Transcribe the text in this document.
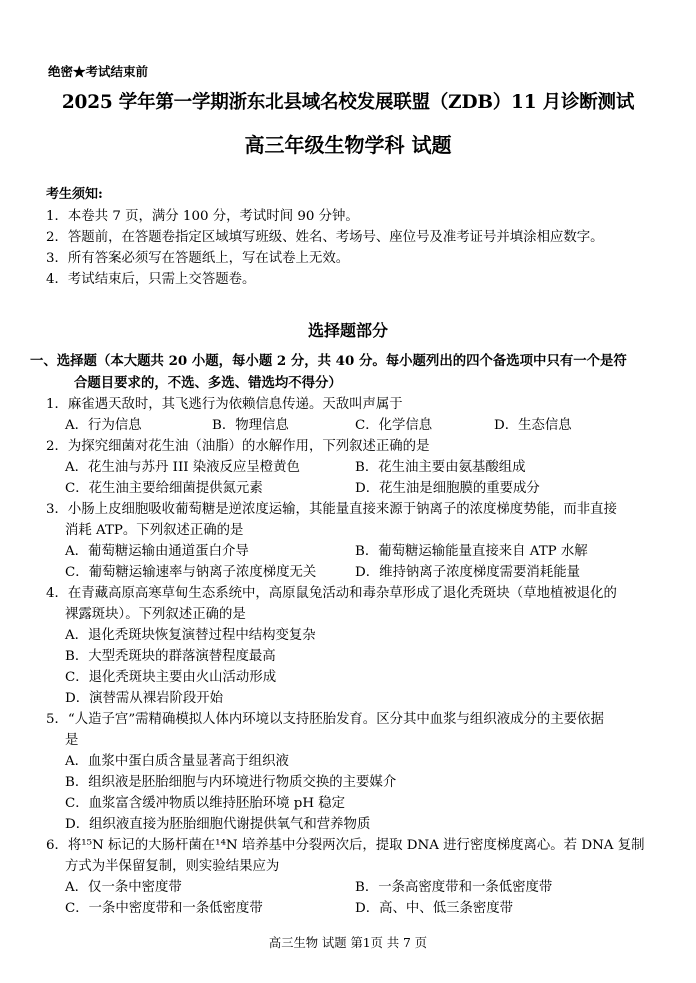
绝密★考试结束前
2025 学年第一学期浙东北县域名校发展联盟（ZDB）11 月诊断测试
高三年级生物学科 试题
考生须知:
1．本卷共 7 页，满分 100 分，考试时间 90 分钟。
2．答题前，在答题卷指定区域填写班级、姓名、考场号、座位号及准考证号并填涂相应数字。
3．所有答案必须写在答题纸上，写在试卷上无效。
4．考试结束后，只需上交答题卷。
选择题部分
一、选择题（本大题共 20 小题，每小题 2 分，共 40 分。每小题列出的四个备选项中只有一个是符
合题目要求的，不选、多选、错选均不得分）
1．麻雀遇天敌时，其飞逃行为依赖信息传递。天敌叫声属于
A．行为信息	B．物理信息	C．化学信息	D．生态信息
2．为探究细菌对花生油（油脂）的水解作用，下列叙述正确的是
A．花生油与苏丹 III 染液反应呈橙黄色	B．花生油主要由氨基酸组成
C．花生油主要给细菌提供氮元素	D．花生油是细胞膜的重要成分
3．小肠上皮细胞吸收葡萄糖是逆浓度运输，其能量直接来源于钠离子的浓度梯度势能，而非直接
消耗 ATP。下列叙述正确的是
A．葡萄糖运输由通道蛋白介导	B．葡萄糖运输能量直接来自 ATP 水解
C．葡萄糖运输速率与钠离子浓度梯度无关	D．维持钠离子浓度梯度需要消耗能量
4．在青藏高原高寒草甸生态系统中，高原鼠兔活动和毒杂草形成了退化秃斑块（草地植被退化的
裸露斑块）。下列叙述正确的是
A．退化秃斑块恢复演替过程中结构变复杂
B．大型秃斑块的群落演替程度最高
C．退化秃斑块主要由火山活动形成
D．演替需从裸岩阶段开始
5．“人造子宫”需精确模拟人体内环境以支持胚胎发育。区分其中血浆与组织液成分的主要依据
是
A．血浆中蛋白质含量显著高于组织液
B．组织液是胚胎细胞与内环境进行物质交换的主要媒介
C．血浆富含缓冲物质以维持胚胎环境 pH 稳定
D．组织液直接为胚胎细胞代谢提供氧气和营养物质
6．将¹⁵N 标记的大肠杆菌在¹⁴N 培养基中分裂两次后，提取 DNA 进行密度梯度离心。若 DNA 复制
方式为半保留复制，则实验结果应为
A．仅一条中密度带	B．一条高密度带和一条低密度带
C．一条中密度带和一条低密度带	D．高、中、低三条密度带
高三生物 试题 第1页 共 7 页
